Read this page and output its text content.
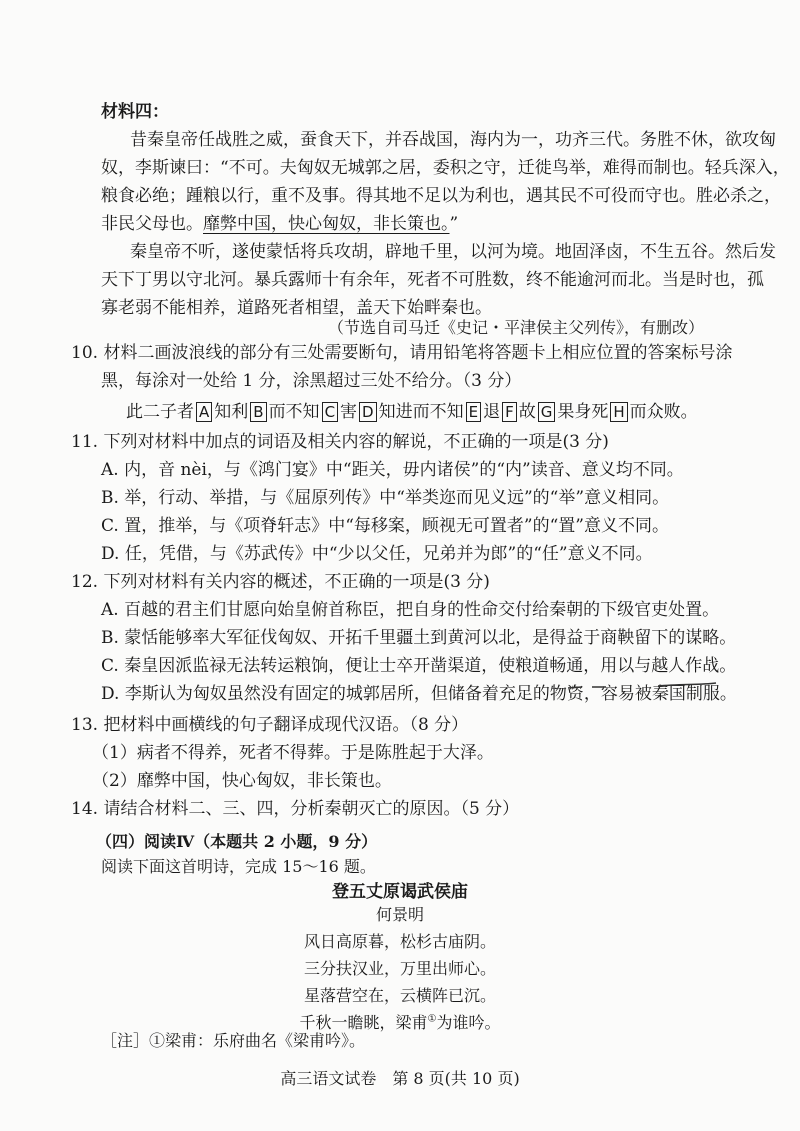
材料四：
昔秦皇帝任战胜之威，蚕食天下，并吞战国，海内为一，功齐三代。务胜不休，欲攻匈
奴，李斯谏曰：“不可。夫匈奴无城郭之居，委积之守，迁徙鸟举，难得而制也。轻兵深入，
粮食必绝；踵粮以行，重不及事。得其地不足以为利也，遇其民不可役而守也。胜必杀之，
非民父母也。靡弊中国，快心匈奴，非长策也。”
秦皇帝不听，遂使蒙恬将兵攻胡，辟地千里，以河为境。地固泽卤，不生五谷。然后发
天下丁男以守北河。暴兵露师十有余年，死者不可胜数，终不能逾河而北。当是时也，孤
寡老弱不能相养，道路死者相望，盖天下始畔秦也。
（节选自司马迁《史记・平津侯主父列传》，有删改）
10. 材料二画波浪线的部分有三处需要断句，请用铅笔将答题卡上相应位置的答案标号涂
黑，每涂对一处给 1 分，涂黑超过三处不给分。（3 分）
此二子者 A 知利 B 而不知 C 害 D 知进而不知 E 退 F 故 G 果身死 H 而众败。
11. 下列对材料中加点的词语及相关内容的解说，不正确的一项是(3 分)
A. 内，音 nèi，与《鸿门宴》中“距关，毋内诸侯”的“内”读音、意义均不同。
B. 举，行动、举措，与《屈原列传》中“举类迩而见义远”的“举”意义相同。
C. 置，推举，与《项脊轩志》中“每移案，顾视无可置者”的“置”意义不同。
D. 任，凭借，与《苏武传》中“少以父任，兄弟并为郎”的“任”意义不同。
12. 下列对材料有关内容的概述，不正确的一项是(3 分)
A. 百越的君主们甘愿向始皇俯首称臣，把自身的性命交付给秦朝的下级官吏处置。
B. 蒙恬能够率大军征伐匈奴、开拓千里疆土到黄河以北，是得益于商鞅留下的谋略。
C. 秦皇因派监禄无法转运粮饷，便让士卒开凿渠道，使粮道畅通，用以与越人作战。
D. 李斯认为匈奴虽然没有固定的城郭居所，但储备着充足的物资，容易被秦国制服。
13. 把材料中画横线的句子翻译成现代汉语。（8 分）
（1）病者不得养，死者不得葬。于是陈胜起于大泽。
（2）靡弊中国，快心匈奴，非长策也。
14. 请结合材料二、三、四，分析秦朝灭亡的原因。（5 分）
（四）阅读Ⅳ（本题共 2 小题，9 分）
阅读下面这首明诗，完成 15～16 题。
登五丈原谒武侯庙
何景明
风日高原暮，松杉古庙阴。
三分扶汉业，万里出师心。
星落营空在，云横阵已沉。
千秋一瞻眺，梁甫①为谁吟。
［注］①梁甫：乐府曲名《梁甫吟》。
高三语文试卷　第 8 页(共 10 页)
